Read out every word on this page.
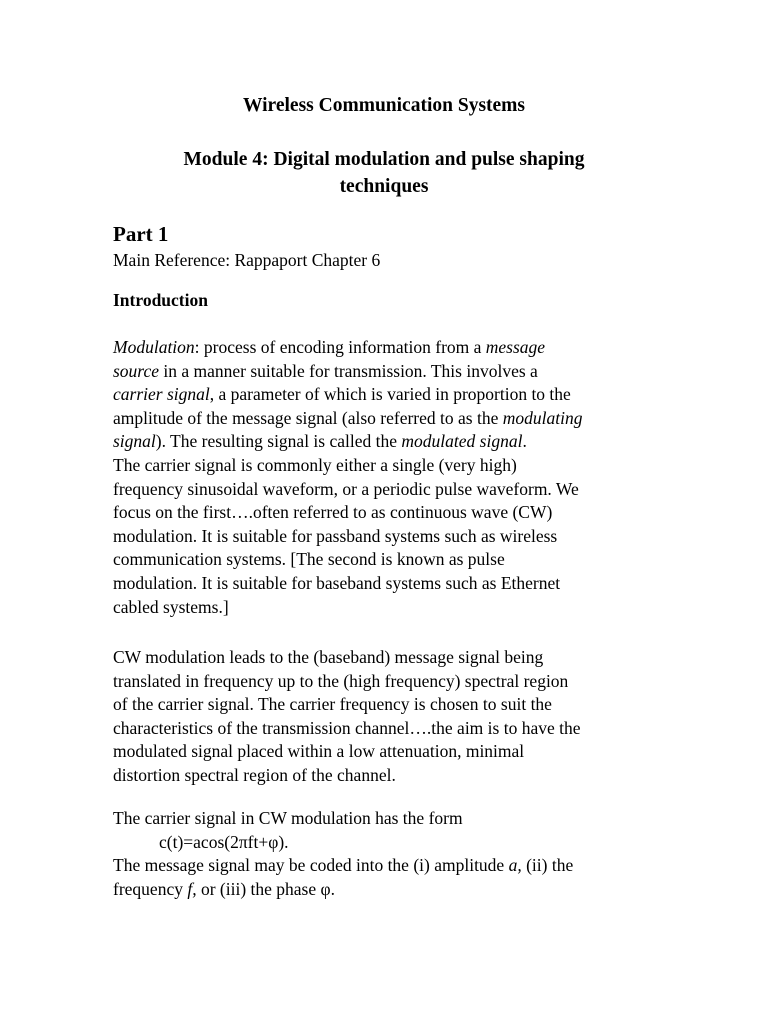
Wireless Communication Systems
Module 4: Digital modulation and pulse shaping
techniques
Part 1
Main Reference: Rappaport Chapter 6
Introduction
Modulation: process of encoding information from a message
source in a manner suitable for transmission. This involves a
carrier signal, a parameter of which is varied in proportion to the
amplitude of the message signal (also referred to as the modulating
signal). The resulting signal is called the modulated signal.
The carrier signal is commonly either a single (very high)
frequency sinusoidal waveform, or a periodic pulse waveform. We
focus on the first….often referred to as continuous wave (CW)
modulation. It is suitable for passband systems such as wireless
communication systems. [The second is known as pulse
modulation. It is suitable for baseband systems such as Ethernet
cabled systems.]
CW modulation leads to the (baseband) message signal being
translated in frequency up to the (high frequency) spectral region
of the carrier signal. The carrier frequency is chosen to suit the
characteristics of the transmission channel….the aim is to have the
modulated signal placed within a low attenuation, minimal
distortion spectral region of the channel.
The carrier signal in CW modulation has the form
c(t)=acos(2πft+φ).
The message signal may be coded into the (i) amplitude a, (ii) the
frequency f, or (iii) the phase φ.
